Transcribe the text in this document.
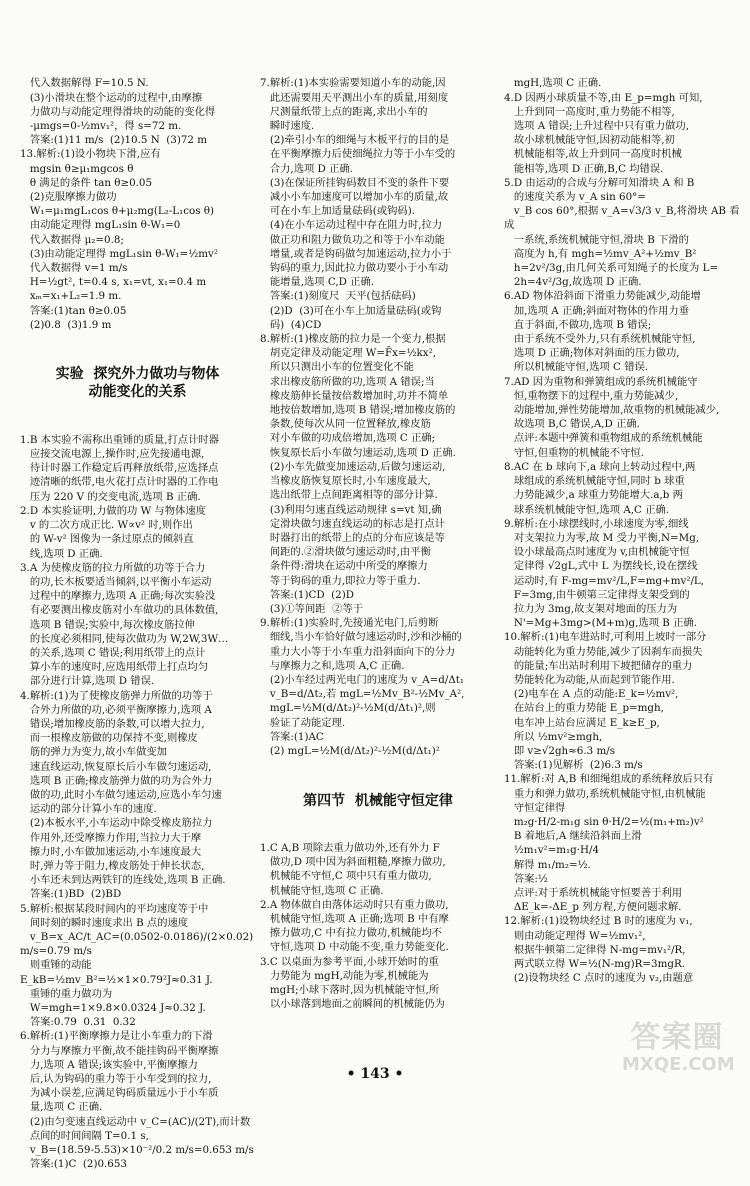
代入数据解得 F=10.5 N.
(3)小滑块在整个运动的过程中,由摩擦
力做功与动能定理得滑块的动能的变化得
-μmgs=0-½mv₁²，得 s=72 m.
答案:(1)11 m/s  (2)10.5 N  (3)72 m
13.解析:(1)设小物块下滑,应有
mgsin θ≥μ₁mgcos θ
θ 满足的条件 tan θ≥0.05
(2)克服摩擦力做功
W₁=μ₁mgL₁cos θ+μ₂mg(L₂-L₁cos θ)
由动能定理得 mgL₁sin θ-W₁=0
代入数据得 μ₂=0.8;
(3)由动能定理得 mgL₁sin θ-W₁=½mv²
代入数据得 v=1 m/s
H=½gt², t=0.4 s, x₁=vt, x₁=0.4 m
xₘ=x₁+L₂=1.9 m.
答案:(1)tan θ≥0.05
(2)0.8  (3)1.9 m

实验  探究外力做功与物体
动能变化的关系

1.B 本实验不需称出重锤的质量,打点计时器
应接交流电源上,操作时,应先接通电源,
待计时器工作稳定后再释放纸带,应选择点
迹清晰的纸带,电火花打点计时器的工作电
压为 220 V 的交变电流,选项 B 正确.
2.D 本实验证明,力做的功 W 与物体速度
v 的二次方成正比. W∝v² 时,则作出
的 W-v² 图像为一条过原点的倾斜直
线,选项 D 正确.
3.A 为使橡皮筋的拉力所做的功等于合力
的功,长木板要适当倾斜,以平衡小车运动
过程中的摩擦力,选项 A 正确;每次实验没
有必要测出橡皮筋对小车做功的具体数值,
选项 B 错误;实验中,每次橡皮筋拉伸
的长度必须相同,使每次做功为 W,2W,3W…
的关系,选项 C 错误;利用纸带上的点计
算小车的速度时,应选用纸带上打点均匀
部分进行计算,选项 D 错误.
4.解析:(1)为了使橡皮筋弹力所做的功等于
合外力所做的功,必须平衡摩擦力,选项 A
错误;增加橡皮筋的条数,可以增大拉力,
而一根橡皮筋做的功保持不变,则橡皮
筋的弹力为变力,故小车做变加
速直线运动,恢复原长后小车做匀速运动,
选项 B 正确;橡皮筋弹力做的功为合外力
做的功,此时小车做匀速运动,应选小车匀速
运动的部分计算小车的速度.
(2)本板水平,小车运动中除受橡皮筋拉力
作用外,还受摩擦力作用,当拉力大于摩
擦力时,小车做加速运动,小车速度最大
时,弹力等于阻力,橡皮筋处于伸长状态,
小车还未到达两铁钉的连线处,选项 B 正确.
答案:(1)BD  (2)BD
5.解析:根据某段时间内的平均速度等于中
间时刻的瞬时速度求出 B 点的速度
v_B=x_AC/t_AC=(0.0502-0.0186)/(2×0.02) m/s=0.79 m/s
则重锤的动能 E_kB=½mv_B²=½×1×0.79²J≈0.31 J.
重锤的重力做功为
W=mgh=1×9.8×0.0324 J≈0.32 J.
答案:0.79  0.31  0.32
6.解析:(1)平衡摩擦力是让小车重力的下滑
分力与摩擦力平衡,故不能挂钩码平衡摩擦
力,选项 A 错误;该实验中,平衡摩擦力
后,认为钩码的重力等于小车受到的拉力,
为减小误差,应满足钩码质量远小于小车质
量,选项 C 正确.
(2)由匀变速直线运动中 v_C=(AC)/(2T),而计数
点间的时间间隔 T=0.1 s,
v_B=(18.59-5.53)×10⁻²/0.2 m/s=0.653 m/s
答案:(1)C  (2)0.653

7.解析:(1)本实验需要知道小车的动能,因
此还需要用天平测出小车的质量,用刻度
尺测量纸带上点的距离,求出小车的
瞬时速度.
(2)牵引小车的细绳与木板平行的目的是
在平衡摩擦力后使细绳拉力等于小车受的
合力,选项 D 正确.
(3)在保证所挂钩码数目不变的条件下要
减小小车加速度可以增加小车的质量,故
可在小车上加适量砝码(或钩码).
(4)在小车运动过程中存在阻力时,拉力
做正功和阻力做负功之和等于小车动能
增量,或者是钩码做匀加速运动,拉力小于
钩码的重力,因此拉力做功要小于小车动
能增量,选项 C,D 正确.
答案:(1)刻度尺  天平(包括砝码)
(2)D  (3)可在小车上加适量砝码(或钩
码)  (4)CD
8.解析:(1)橡皮筋的拉力是一个变力,根据
胡克定律及动能定理 W=F̄x=½kx²,
所以只测出小车的位置变化不能
求出橡皮筋所做的功,选项 A 错误;当
橡皮筋伸长量按倍数增加时,功并不简单
地按倍数增加,选项 B 错误;增加橡皮筋的
条数,使每次从同一位置释放,橡皮筋
对小车做的功成倍增加,选项 C 正确;
恢复原长后小车做匀速运动,选项 D 正确.
(2)小车先做变加速运动,后做匀速运动,
当橡皮筋恢复原长时,小车速度最大,
选出纸带上点间距离相等的部分计算.
(3)利用匀速直线运动规律 s=vt 知,确
定滑块做匀速直线运动的标志是打点计
时器打出的纸带上的点的分布应该是等
间距的.②滑块做匀速运动时,由平衡
条件得:滑块在运动中所受的摩擦力
等于钩码的重力,即拉力等于重力.
答案:(1)CD  (2)D
(3)①等间距  ②等于
9.解析:(1)实验时,先接通光电门,后剪断
细线,当小车恰好做匀速运动时,沙和沙桶的
重力大小等于小车重力沿斜面向下的分力
与摩擦力之和,选项 A,C 正确.
(2)小车经过两光电门的速度为 v_A=d/Δt₁
v_B=d/Δt₂,若 mgL=½Mv_B²-½Mv_A²,
mgL=½M(d/Δt₂)²-½M(d/Δt₁)²,则
验证了动能定理.
答案:(1)AC
(2) mgL=½M(d/Δt₂)²-½M(d/Δt₁)²

第四节  机械能守恒定律

1.C A,B 项除去重力做功外,还有外力 F
做功,D 项中因为斜面粗糙,摩擦力做功,
机械能不守恒,C 项中只有重力做功,
机械能守恒,选项 C 正确.
2.A 物体做自由落体运动时只有重力做功,
机械能守恒,选项 A 正确;选项 B 中有摩
擦力做功,C 中有拉力做功,机械能均不
守恒,选项 D 中动能不变,重力势能变化.
3.C 以桌面为参考平面,小球开始时的重
力势能为 mgH,动能为零,机械能为
mgH;小球下落时,因为机械能守恒,所
以小球落到地面之前瞬间的机械能仍为

mgH,选项 C 正确.
4.D 因两小球质量不等,由 E_p=mgh 可知,
上升到同一高度时,重力势能不相等,
选项 A 错误;上升过程中只有重力做功,
故小球机械能守恒,因初动能相等,初
机械能相等,故上升到同一高度时机械
能相等,选项 D 正确,B,C 均错误.
5.D 由运动的合成与分解可知滑块 A 和 B
的速度关系为 v_A sin 60°=
v_B cos 60°,根据 v_A=√3/3 v_B,将滑块 AB 看成
一系统,系统机械能守恒,滑块 B 下滑的
高度为 h,有 mgh=½mv_A²+½mv_B²
h=2v²/3g,由几何关系可知绳子的长度为 L=
2h=4v²/3g,故选项 D 正确.
6.AD 物体沿斜面下滑重力势能减少,动能增
加,选项 A 正确;斜面对物体的作用力垂
直于斜面,不做功,选项 B 错误;
由于系统不受外力,只有系统机械能守恒,
选项 D 正确;物体对斜面的压力做功,
所以机械能守恒,选项 C 错误.
7.AD 因为重物和弹簧组成的系统机械能守
恒,重物摆下的过程中,重力势能减少,
动能增加,弹性势能增加,故重物的机械能减少,
故选项 B,C 错误,A,D 正确.
点评:本题中弹簧和重物组成的系统机械能
守恒,但重物的机械能不守恒.
8.AC 在 b 球向下,a 球向上转动过程中,两
球组成的系统机械能守恒,同时 b 球重
力势能减少,a 球重力势能增大.a,b 两
球系统机械能守恒,选项 A,C 正确.
9.解析:在小球摆线时,小球速度为零,细线
对支架拉力为零,故 M 受力平衡,N=Mg,
设小球最高点时速度为 v,由机械能守恒
定律得 √2gL,式中 L 为摆线长,设在摆线
运动时,有 F-mg=mv²/L,F=mg+mv²/L,
F=3mg,由牛顿第三定律得支架受到的
拉力为 3mg,故支架对地面的压力为
N'=Mg+3mg>(M+m)g,选项 B 正确.
10.解析:(1)电车进站时,可利用上坡时一部分
动能转化为重力势能,减少了因刹车而损失
的能量;车出站时利用下坡把储存的重力
势能转化为动能,从而起到节能作用.
(2)电车在 A 点的动能:E_k=½mv²,
在站台上的重力势能 E_p=mgh,
电车冲上站台应满足 E_k≥E_p,
所以 ½mv²≥mgh,
即 v≥√2gh≈6.3 m/s
答案:(1)见解析  (2)6.3 m/s
11.解析:对 A,B 和细绳组成的系统释放后只有
重力和弹力做功,系统机械能守恒,由机械能
守恒定律得
m₂g·H/2-m₁g sin θ·H/2=½(m₁+m₂)v²
B 着地后,A 继续沿斜面上滑
½m₁v²=m₁g·H/4
解得 m₁/m₂=½.
答案:½
点评:对于系统机械能守恒要善于利用
ΔE_k=-ΔE_p 列方程,方便问题求解.
12.解析:(1)设物块经过 B 时的速度为 v₁,
则由动能定理得 W=½mv₁²,
根据牛顿第二定律得 N-mg=mv₁²/R,
两式联立得 W=½(N-mg)R=3mgR.
(2)设物块经 C 点时的速度为 v₂,由题意

• 143 •
答案圈
MXQE.COM
